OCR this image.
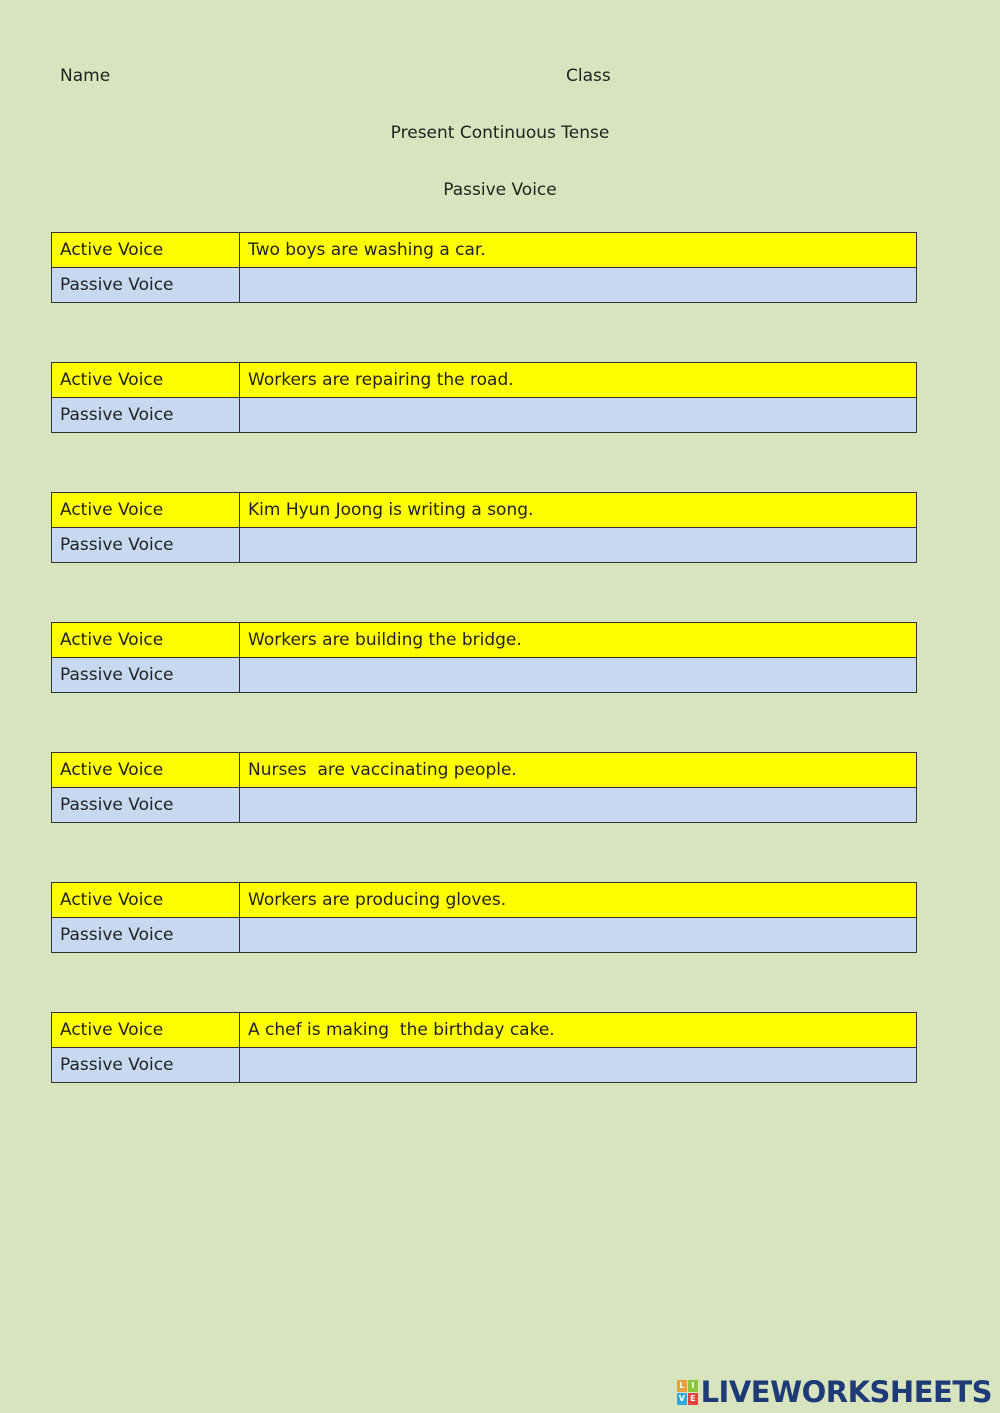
Name	Class
Present Continuous Tense
Passive Voice
Active Voice	Two boys are washing a car.
Passive Voice	
Active Voice	Workers are repairing the road.
Passive Voice	
Active Voice	Kim Hyun Joong is writing a song.
Passive Voice	
Active Voice	Workers are building the bridge.
Passive Voice	
Active Voice	Nurses  are vaccinating people.
Passive Voice	
Active Voice	Workers are producing gloves.
Passive Voice	
Active Voice	A chef is making  the birthday cake.
Passive Voice	
L I
V E LIVEWORKSHEETS
